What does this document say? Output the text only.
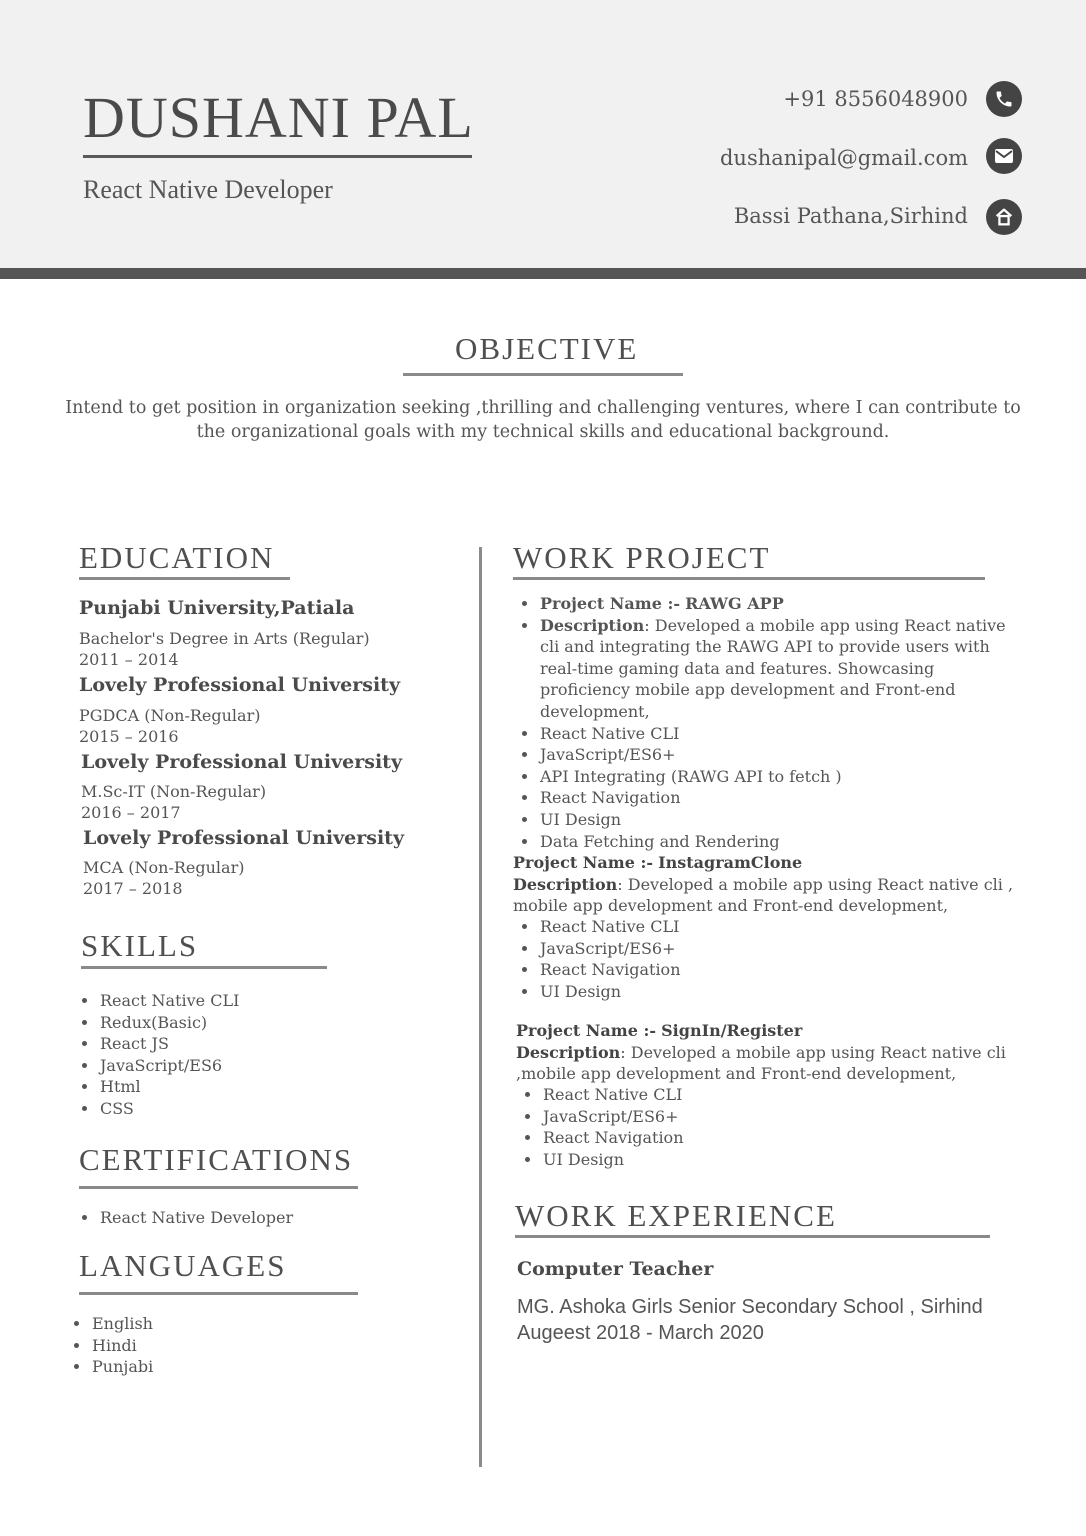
DUSHANI PAL
React Native Developer
+91 8556048900
dushanipal@gmail.com
Bassi Pathana,Sirhind
OBJECTIVE
Intend to get position in organization seeking ,thrilling and challenging ventures, where I can contribute to the organizational goals with my technical skills and educational background.
EDUCATION
Punjabi University,Patiala
Bachelor's Degree in Arts (Regular)
2011 – 2014
Lovely Professional University
PGDCA (Non-Regular)
2015 – 2016
Lovely Professional University
M.Sc-IT (Non-Regular)
2016 – 2017
Lovely Professional University
MCA (Non-Regular)
2017 – 2018
SKILLS
React Native CLI
Redux(Basic)
React JS
JavaScript/ES6
Html
CSS
CERTIFICATIONS
React Native Developer
LANGUAGES
English
Hindi
Punjabi
WORK PROJECT
Project Name :- RAWG APP
Description: Developed a mobile app using React native cli and integrating the RAWG API to provide users with real-time gaming data and features. Showcasing proficiency mobile app development and Front-end development,
React Native CLI
JavaScript/ES6+
API Integrating (RAWG API to fetch )
React Navigation
UI Design
Data Fetching and Rendering
Project Name :- InstagramClone
Description: Developed a mobile app using React native cli , mobile app development and Front-end development,
React Native CLI
JavaScript/ES6+
React Navigation
UI Design
Project Name :- SignIn/Register
Description: Developed a mobile app using React native cli ,mobile app development and Front-end development,
React Native CLI
JavaScript/ES6+
React Navigation
UI Design
WORK EXPERIENCE
Computer Teacher
MG. Ashoka Girls Senior Secondary School , Sirhind
Augeest 2018 - March 2020
